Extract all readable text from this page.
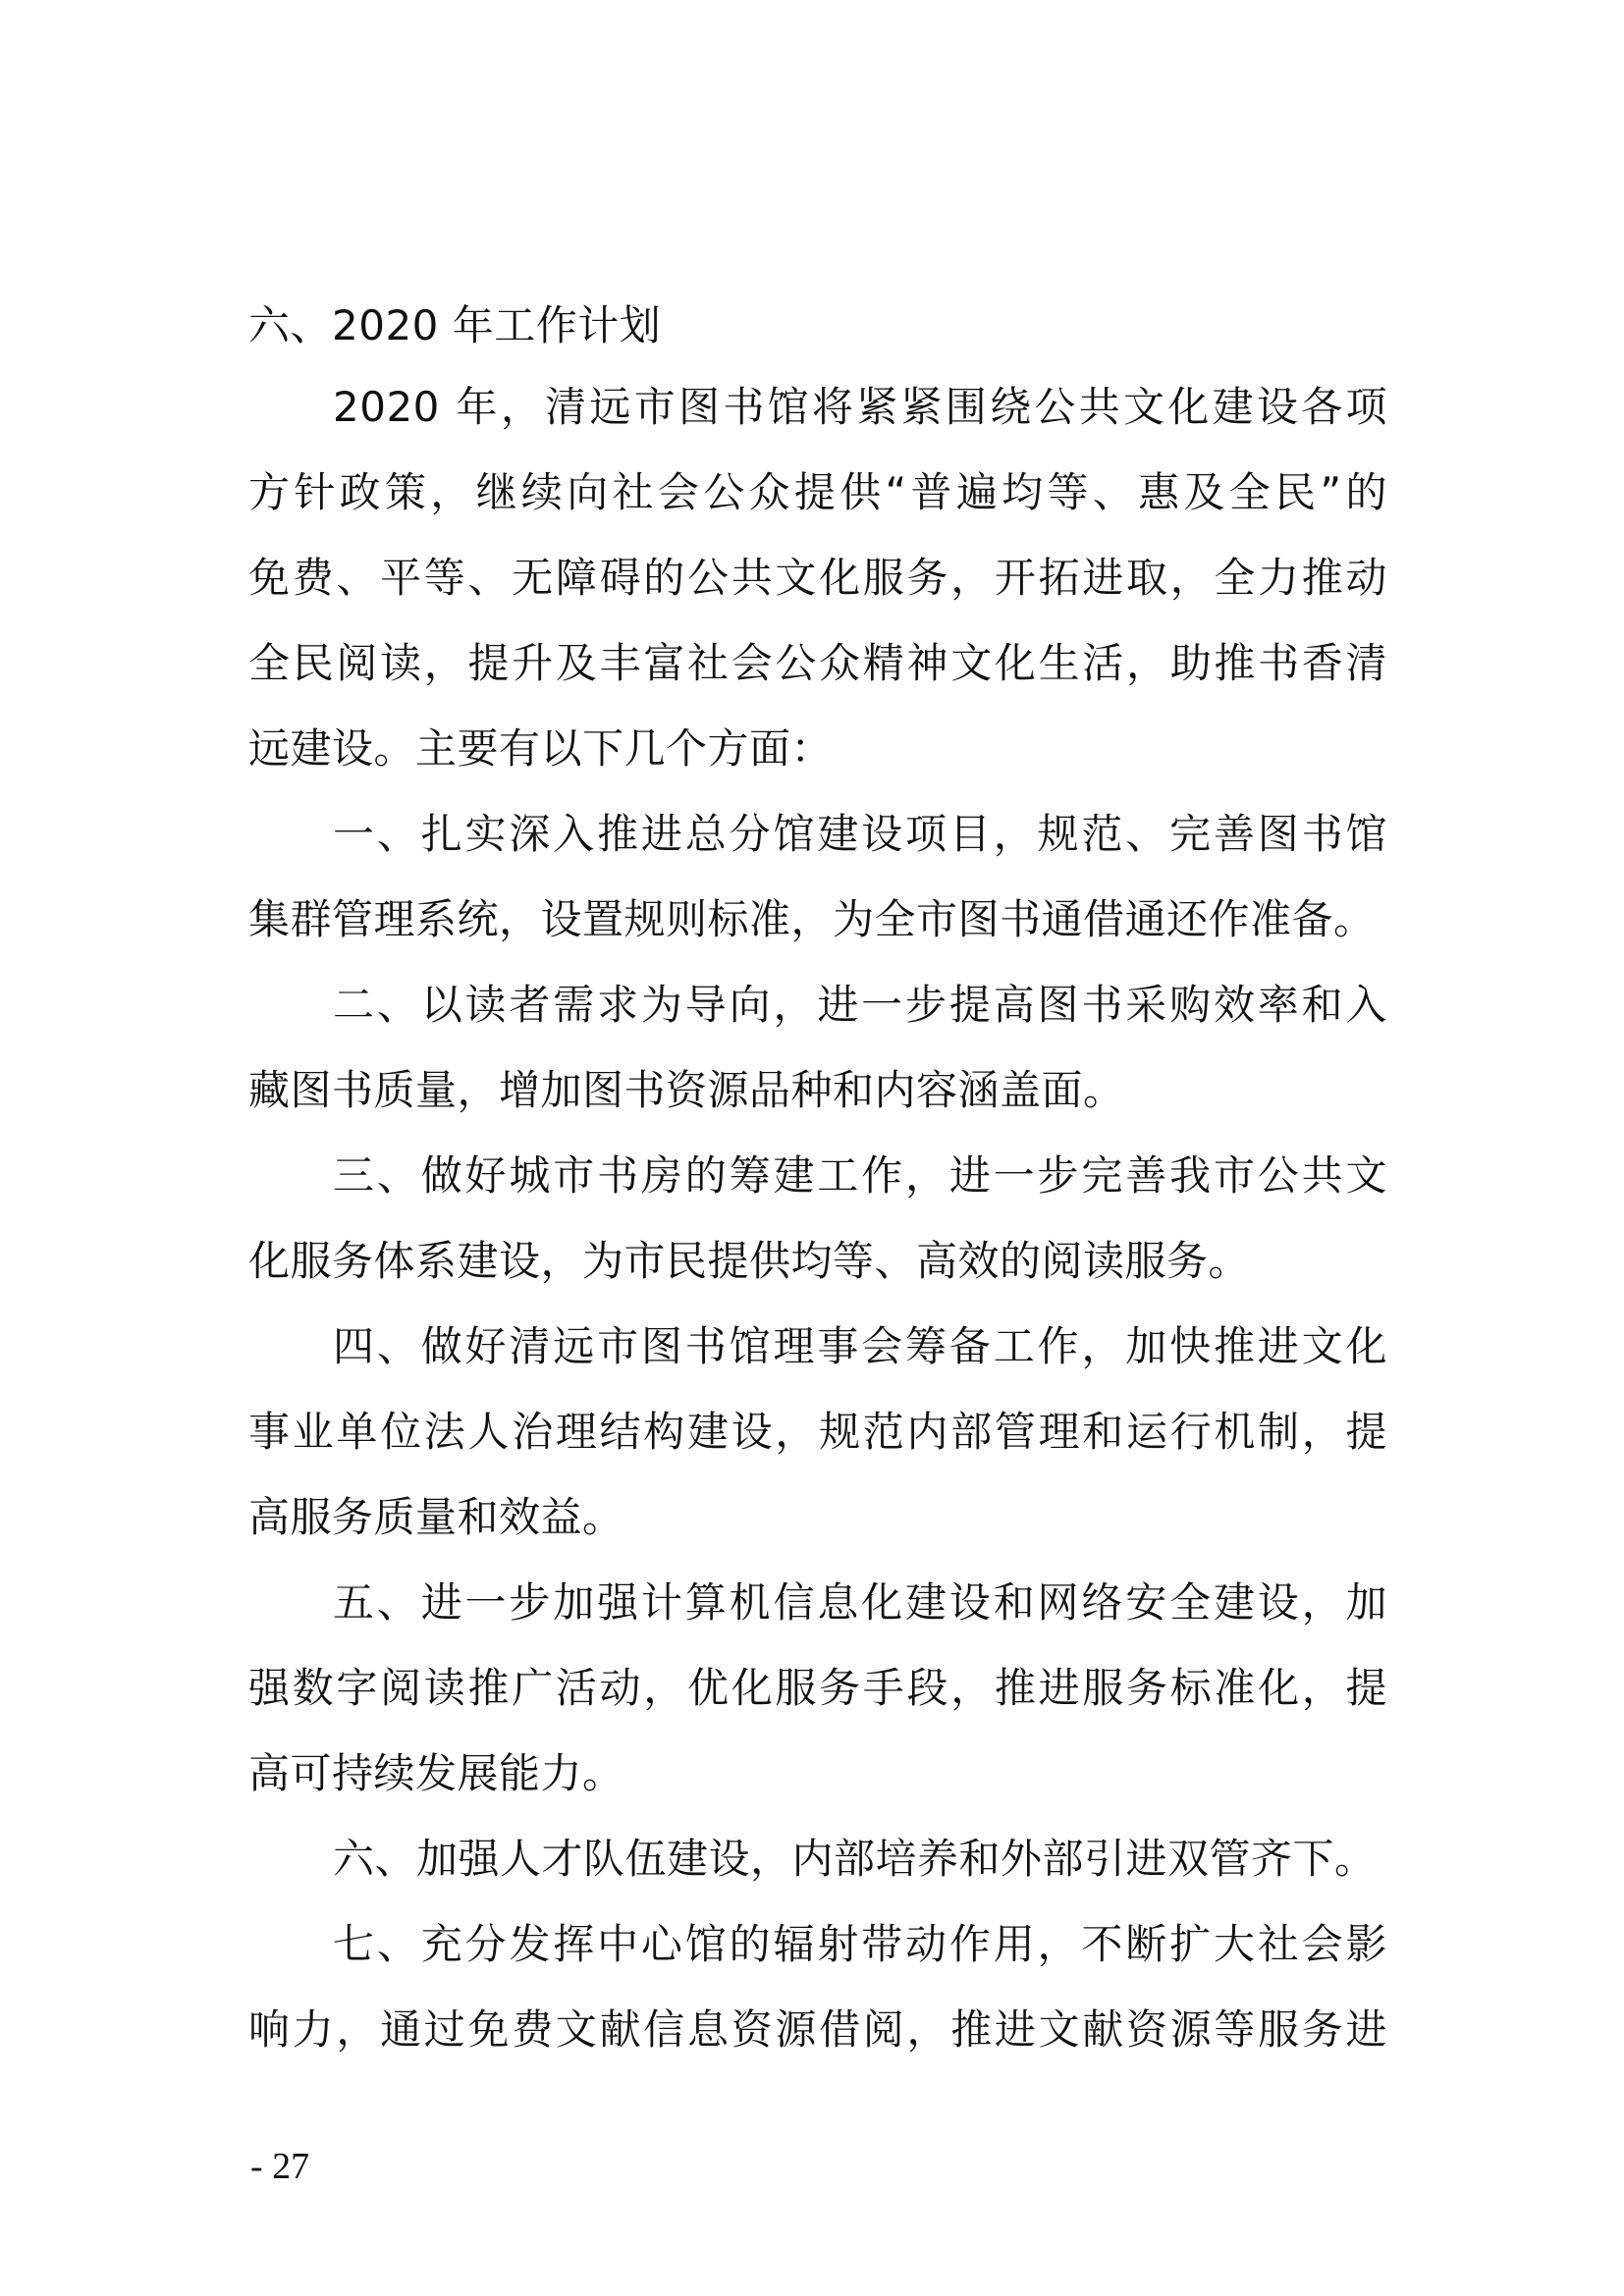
六、2020 年工作计划
2020 年，清远市图书馆将紧紧围绕公共文化建设各项
方针政策，继续向社会公众提供“普遍均等、惠及全民”的
免费、平等、无障碍的公共文化服务，开拓进取，全力推动
全民阅读，提升及丰富社会公众精神文化生活，助推书香清
远建设。主要有以下几个方面：
一、扎实深入推进总分馆建设项目，规范、完善图书馆
集群管理系统，设置规则标准，为全市图书通借通还作准备。
二、以读者需求为导向，进一步提高图书采购效率和入
藏图书质量，增加图书资源品种和内容涵盖面。
三、做好城市书房的筹建工作，进一步完善我市公共文
化服务体系建设，为市民提供均等、高效的阅读服务。
四、做好清远市图书馆理事会筹备工作，加快推进文化
事业单位法人治理结构建设，规范内部管理和运行机制，提
高服务质量和效益。
五、进一步加强计算机信息化建设和网络安全建设，加
强数字阅读推广活动，优化服务手段，推进服务标准化，提
高可持续发展能力。
六、加强人才队伍建设，内部培养和外部引进双管齐下。
七、充分发挥中心馆的辐射带动作用，不断扩大社会影
响力，通过免费文献信息资源借阅，推进文献资源等服务进
- 27
